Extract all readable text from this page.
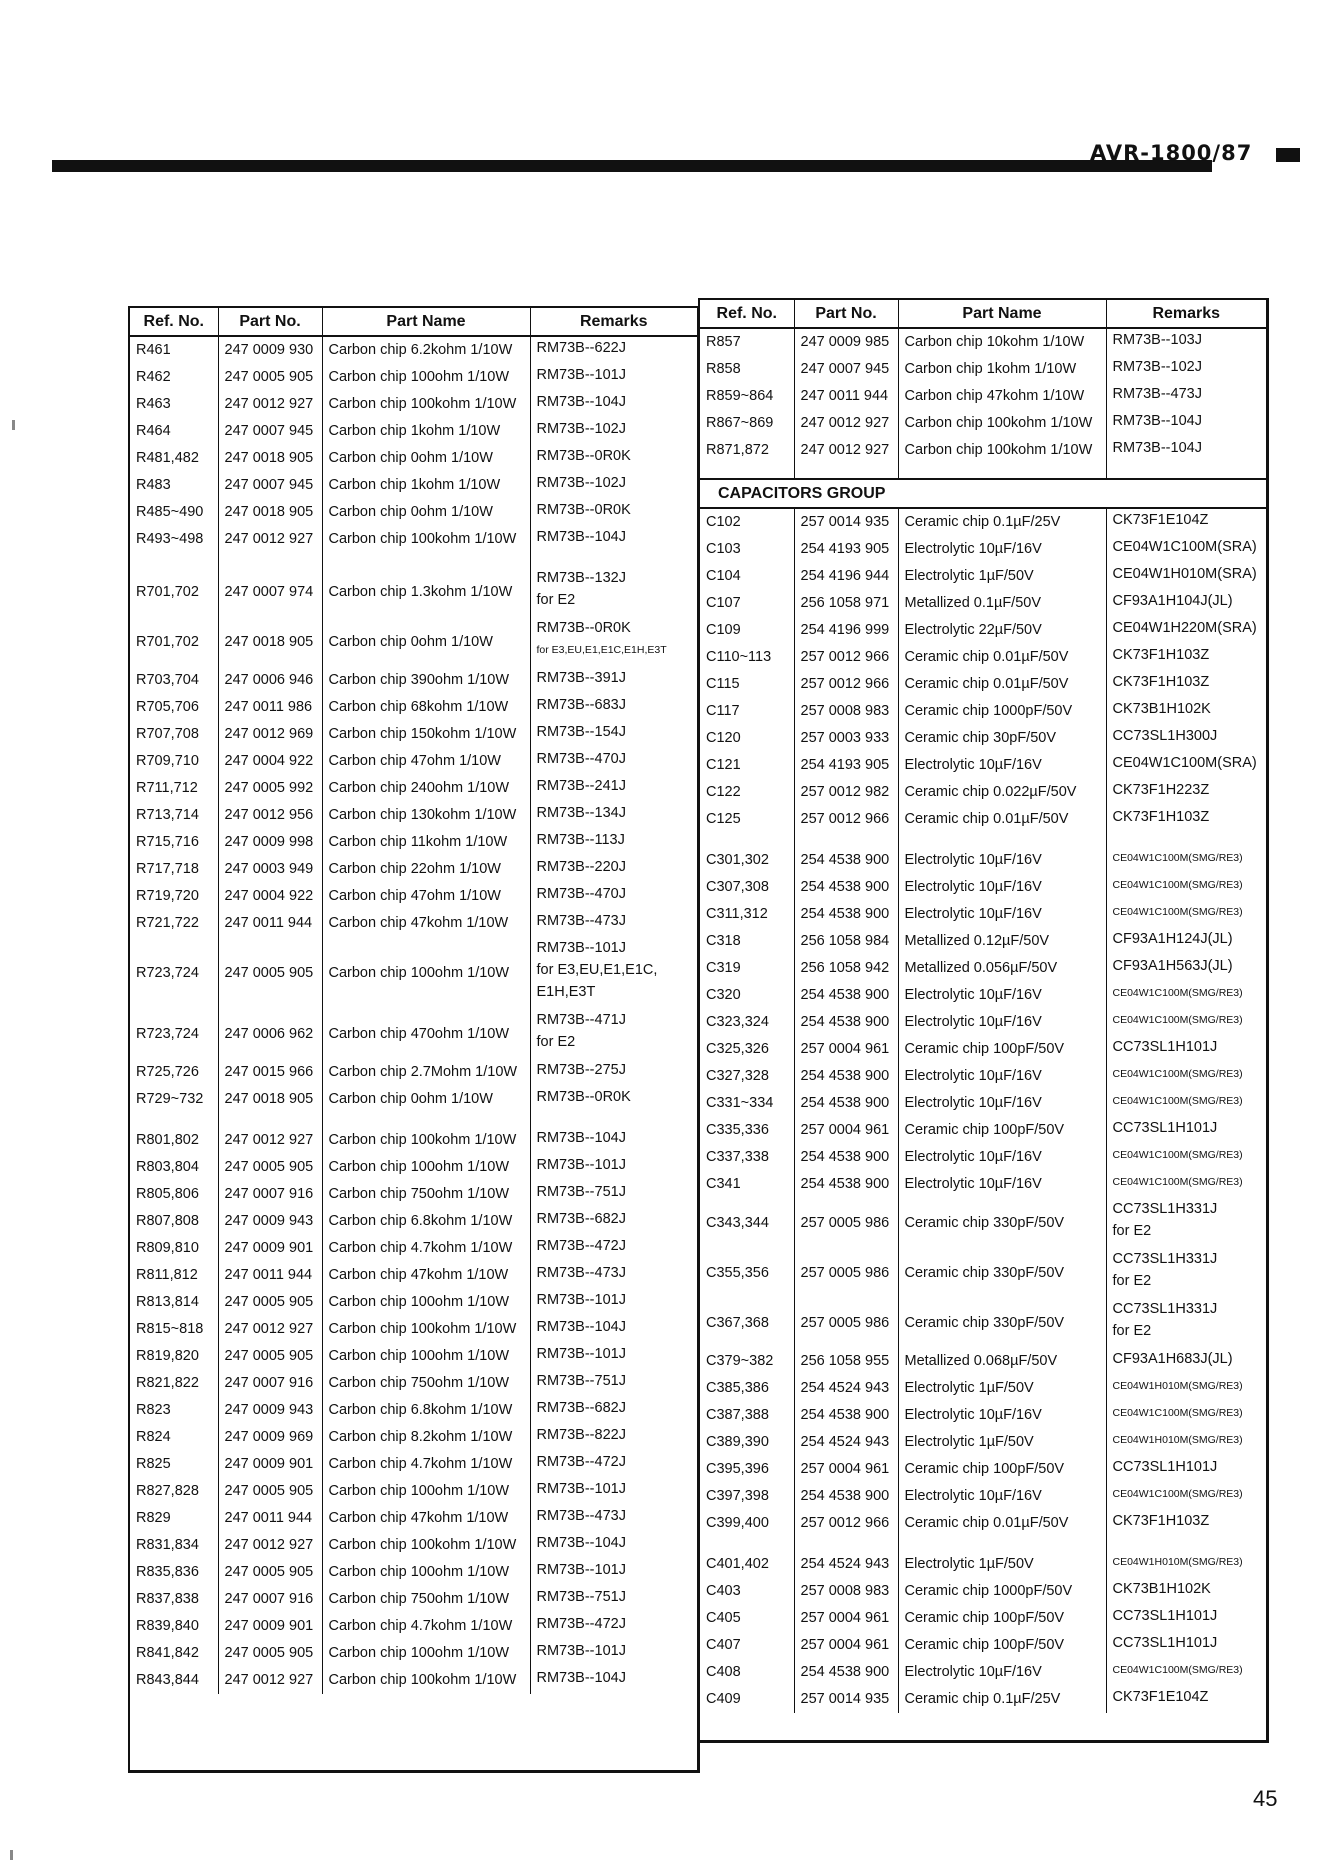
AVR-1800/87
Ref. No.	Part No.	Part Name	Remarks
R461	247 0009 930	Carbon chip 6.2kohm 1/10W	RM73B--622J

R462	247 0005 905	Carbon chip 100ohm 1/10W	RM73B--101J

R463	247 0012 927	Carbon chip 100kohm 1/10W	RM73B--104J

R464	247 0007 945	Carbon chip 1kohm 1/10W	RM73B--102J

R481,482	247 0018 905	Carbon chip 0ohm 1/10W	RM73B--0R0K

R483	247 0007 945	Carbon chip 1kohm 1/10W	RM73B--102J

R485~490	247 0018 905	Carbon chip 0ohm 1/10W	RM73B--0R0K

R493~498	247 0012 927	Carbon chip 100kohm 1/10W	RM73B--104J

R701,702	247 0007 974	Carbon chip 1.3kohm 1/10W	RM73B--132J
for E2

R701,702	247 0018 905	Carbon chip 0ohm 1/10W	RM73B--0R0K
for E3,EU,E1,E1C,E1H,E3T

R703,704	247 0006 946	Carbon chip 390ohm 1/10W	RM73B--391J

R705,706	247 0011 986	Carbon chip 68kohm 1/10W	RM73B--683J

R707,708	247 0012 969	Carbon chip 150kohm 1/10W	RM73B--154J

R709,710	247 0004 922	Carbon chip 47ohm 1/10W	RM73B--470J

R711,712	247 0005 992	Carbon chip 240ohm 1/10W	RM73B--241J

R713,714	247 0012 956	Carbon chip 130kohm 1/10W	RM73B--134J

R715,716	247 0009 998	Carbon chip 11kohm 1/10W	RM73B--113J

R717,718	247 0003 949	Carbon chip 22ohm 1/10W	RM73B--220J

R719,720	247 0004 922	Carbon chip 47ohm 1/10W	RM73B--470J

R721,722	247 0011 944	Carbon chip 47kohm 1/10W	RM73B--473J

R723,724	247 0005 905	Carbon chip 100ohm 1/10W	RM73B--101J
for E3,EU,E1,E1C,
E1H,E3T

R723,724	247 0006 962	Carbon chip 470ohm 1/10W	RM73B--471J
for E2

R725,726	247 0015 966	Carbon chip 2.7Mohm 1/10W	RM73B--275J

R729~732	247 0018 905	Carbon chip 0ohm 1/10W	RM73B--0R0K

R801,802	247 0012 927	Carbon chip 100kohm 1/10W	RM73B--104J

R803,804	247 0005 905	Carbon chip 100ohm 1/10W	RM73B--101J

R805,806	247 0007 916	Carbon chip 750ohm 1/10W	RM73B--751J

R807,808	247 0009 943	Carbon chip 6.8kohm 1/10W	RM73B--682J

R809,810	247 0009 901	Carbon chip 4.7kohm 1/10W	RM73B--472J

R811,812	247 0011 944	Carbon chip 47kohm 1/10W	RM73B--473J

R813,814	247 0005 905	Carbon chip 100ohm 1/10W	RM73B--101J

R815~818	247 0012 927	Carbon chip 100kohm 1/10W	RM73B--104J

R819,820	247 0005 905	Carbon chip 100ohm 1/10W	RM73B--101J

R821,822	247 0007 916	Carbon chip 750ohm 1/10W	RM73B--751J

R823	247 0009 943	Carbon chip 6.8kohm 1/10W	RM73B--682J

R824	247 0009 969	Carbon chip 8.2kohm 1/10W	RM73B--822J

R825	247 0009 901	Carbon chip 4.7kohm 1/10W	RM73B--472J

R827,828	247 0005 905	Carbon chip 100ohm 1/10W	RM73B--101J

R829	247 0011 944	Carbon chip 47kohm 1/10W	RM73B--473J

R831,834	247 0012 927	Carbon chip 100kohm 1/10W	RM73B--104J

R835,836	247 0005 905	Carbon chip 100ohm 1/10W	RM73B--101J

R837,838	247 0007 916	Carbon chip 750ohm 1/10W	RM73B--751J

R839,840	247 0009 901	Carbon chip 4.7kohm 1/10W	RM73B--472J

R841,842	247 0005 905	Carbon chip 100ohm 1/10W	RM73B--101J

R843,844	247 0012 927	Carbon chip 100kohm 1/10W	RM73B--104J
Ref. No.	Part No.	Part Name	Remarks
R857	247 0009 985	Carbon chip 10kohm 1/10W	RM73B--103J

R858	247 0007 945	Carbon chip 1kohm 1/10W	RM73B--102J

R859~864	247 0011 944	Carbon chip 47kohm 1/10W	RM73B--473J

R867~869	247 0012 927	Carbon chip 100kohm 1/10W	RM73B--104J

R871,872	247 0012 927	Carbon chip 100kohm 1/10W	RM73B--104J

CAPACITORS GROUP			
C102	257 0014 935	Ceramic chip 0.1µF/25V	CK73F1E104Z

C103	254 4193 905	Electrolytic 10µF/16V	CE04W1C100M(SRA)

C104	254 4196 944	Electrolytic 1µF/50V	CE04W1H010M(SRA)

C107	256 1058 971	Metallized 0.1µF/50V	CF93A1H104J(JL)

C109	254 4196 999	Electrolytic 22µF/50V	CE04W1H220M(SRA)

C110~113	257 0012 966	Ceramic chip 0.01µF/50V	CK73F1H103Z

C115	257 0012 966	Ceramic chip 0.01µF/50V	CK73F1H103Z

C117	257 0008 983	Ceramic chip 1000pF/50V	CK73B1H102K

C120	257 0003 933	Ceramic chip 30pF/50V	CC73SL1H300J

C121	254 4193 905	Electrolytic 10µF/16V	CE04W1C100M(SRA)

C122	257 0012 982	Ceramic chip 0.022µF/50V	CK73F1H223Z

C125	257 0012 966	Ceramic chip 0.01µF/50V	CK73F1H103Z

C301,302	254 4538 900	Electrolytic 10µF/16V	CE04W1C100M(SMG/RE3)

C307,308	254 4538 900	Electrolytic 10µF/16V	CE04W1C100M(SMG/RE3)

C311,312	254 4538 900	Electrolytic 10µF/16V	CE04W1C100M(SMG/RE3)

C318	256 1058 984	Metallized 0.12µF/50V	CF93A1H124J(JL)

C319	256 1058 942	Metallized 0.056µF/50V	CF93A1H563J(JL)

C320	254 4538 900	Electrolytic 10µF/16V	CE04W1C100M(SMG/RE3)

C323,324	254 4538 900	Electrolytic 10µF/16V	CE04W1C100M(SMG/RE3)

C325,326	257 0004 961	Ceramic chip 100pF/50V	CC73SL1H101J

C327,328	254 4538 900	Electrolytic 10µF/16V	CE04W1C100M(SMG/RE3)

C331~334	254 4538 900	Electrolytic 10µF/16V	CE04W1C100M(SMG/RE3)

C335,336	257 0004 961	Ceramic chip 100pF/50V	CC73SL1H101J

C337,338	254 4538 900	Electrolytic 10µF/16V	CE04W1C100M(SMG/RE3)

C341	254 4538 900	Electrolytic 10µF/16V	CE04W1C100M(SMG/RE3)

C343,344	257 0005 986	Ceramic chip 330pF/50V	CC73SL1H331J
for E2

C355,356	257 0005 986	Ceramic chip 330pF/50V	CC73SL1H331J
for E2

C367,368	257 0005 986	Ceramic chip 330pF/50V	CC73SL1H331J
for E2

C379~382	256 1058 955	Metallized 0.068µF/50V	CF93A1H683J(JL)

C385,386	254 4524 943	Electrolytic 1µF/50V	CE04W1H010M(SMG/RE3)

C387,388	254 4538 900	Electrolytic 10µF/16V	CE04W1C100M(SMG/RE3)

C389,390	254 4524 943	Electrolytic 1µF/50V	CE04W1H010M(SMG/RE3)

C395,396	257 0004 961	Ceramic chip 100pF/50V	CC73SL1H101J

C397,398	254 4538 900	Electrolytic 10µF/16V	CE04W1C100M(SMG/RE3)

C399,400	257 0012 966	Ceramic chip 0.01µF/50V	CK73F1H103Z

C401,402	254 4524 943	Electrolytic 1µF/50V	CE04W1H010M(SMG/RE3)

C403	257 0008 983	Ceramic chip 1000pF/50V	CK73B1H102K

C405	257 0004 961	Ceramic chip 100pF/50V	CC73SL1H101J

C407	257 0004 961	Ceramic chip 100pF/50V	CC73SL1H101J

C408	254 4538 900	Electrolytic 10µF/16V	CE04W1C100M(SMG/RE3)

C409	257 0014 935	Ceramic chip 0.1µF/25V	CK73F1E104Z
45
